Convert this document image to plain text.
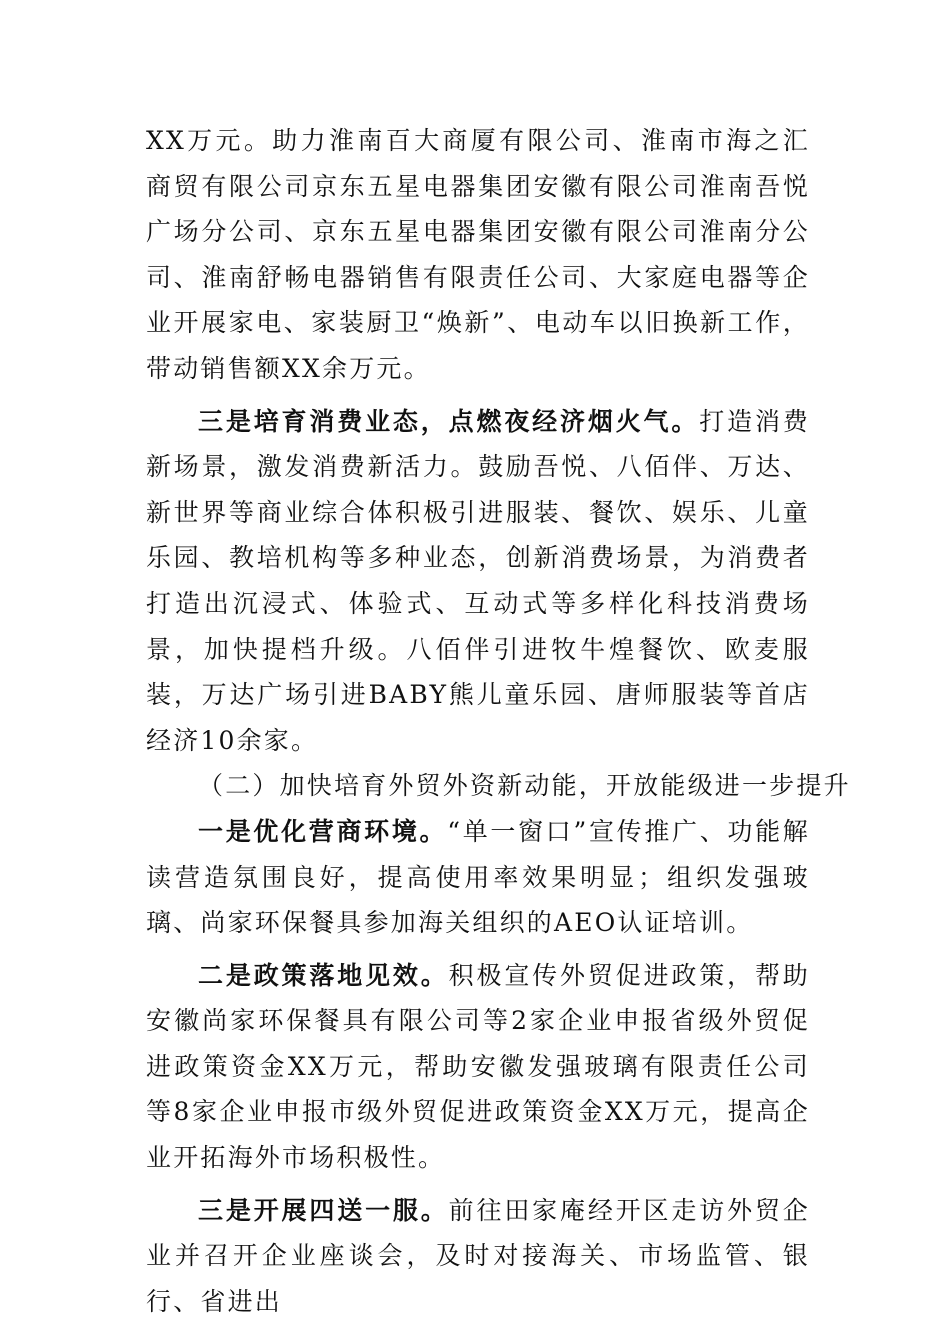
XX万元。助力淮南百大商厦有限公司、淮南市海之汇商贸有限公司京东五星电器集团安徽有限公司淮南吾悦广场分公司、京东五星电器集团安徽有限公司淮南分公司、淮南舒畅电器销售有限责任公司、大家庭电器等企业开展家电、家装厨卫“焕新”、电动车以旧换新工作，带动销售额XX余万元。

三是培育消费业态，点燃夜经济烟火气。打造消费新场景，激发消费新活力。鼓励吾悦、八佰伴、万达、新世界等商业综合体积极引进服装、餐饮、娱乐、儿童乐园、教培机构等多种业态，创新消费场景，为消费者打造出沉浸式、体验式、互动式等多样化科技消费场景，加快提档升级。八佰伴引进牧牛煌餐饮、欧麦服装，万达广场引进BABY熊儿童乐园、唐师服装等首店经济10余家。

（二）加快培育外贸外资新动能，开放能级进一步提升

一是优化营商环境。“单一窗口”宣传推广、功能解读营造氛围良好，提高使用率效果明显；组织发强玻璃、尚家环保餐具参加海关组织的AEO认证培训。

二是政策落地见效。积极宣传外贸促进政策，帮助安徽尚家环保餐具有限公司等2家企业申报省级外贸促进政策资金XX万元，帮助安徽发强玻璃有限责任公司等8家企业申报市级外贸促进政策资金XX万元，提高企业开拓海外市场积极性。

三是开展四送一服。前往田家庵经开区走访外贸企业并召开企业座谈会，及时对接海关、市场监管、银行、省进出
